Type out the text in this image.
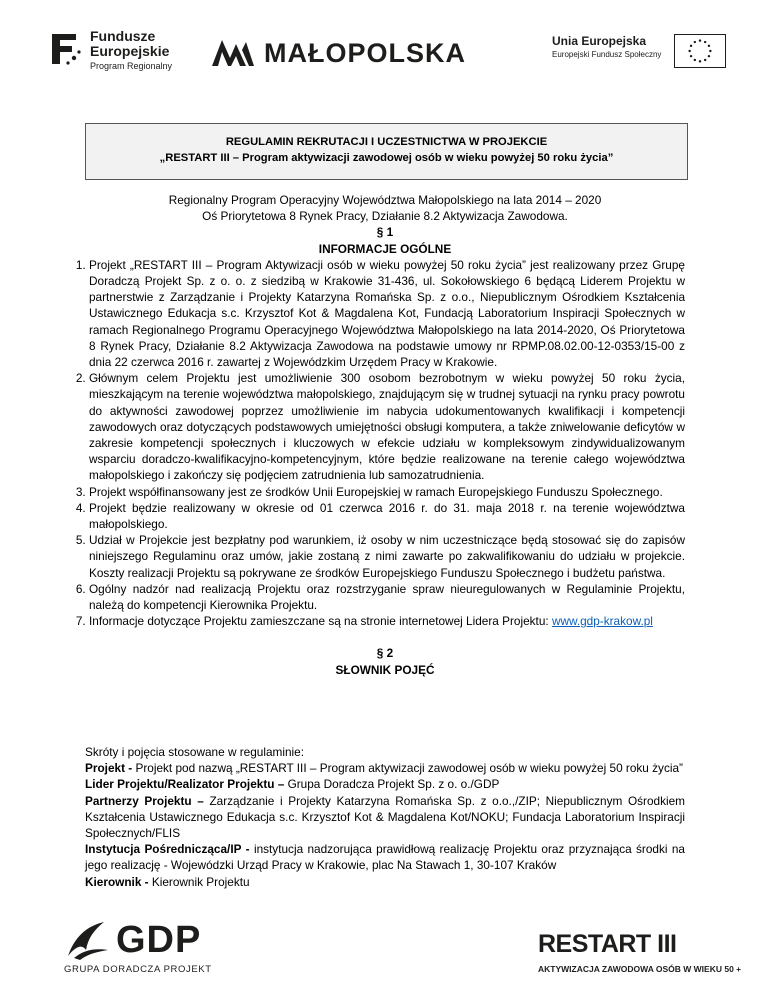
Fundusze
Europejskie
Program Regionalny	MAŁOPOLSKA	Unia Europejska
Europejski Fundusz Społeczny
REGULAMIN REKRUTACJI I UCZESTNICTWA W PROJEKCIE
„RESTART III – Program aktywizacji zawodowej osób w wieku powyżej 50 roku życia”
Regionalny Program Operacyjny Województwa Małopolskiego na lata 2014 – 2020
Oś Priorytetowa 8 Rynek Pracy, Działanie 8.2 Aktywizacja Zawodowa.
§ 1
INFORMACJE OGÓLNE
1. Projekt „RESTART III – Program Aktywizacji osób w wieku powyżej 50 roku życia” jest realizowany przez Grupę Doradczą Projekt Sp. z o. o. z siedzibą w Krakowie 31-436, ul. Sokołowskiego 6 będącą Liderem Projektu w partnerstwie z Zarządzanie i Projekty Katarzyna Romańska Sp. z o.o., Niepublicznym Ośrodkiem Kształcenia Ustawicznego Edukacja s.c. Krzysztof Kot & Magdalena Kot, Fundacją Laboratorium Inspiracji Społecznych w ramach Regionalnego Programu Operacyjnego Województwa Małopolskiego na lata 2014-2020, Oś Priorytetowa 8 Rynek Pracy, Działanie 8.2 Aktywizacja Zawodowa na podstawie umowy nr RPMP.08.02.00-12-0353/15-00 z dnia 22 czerwca 2016 r. zawartej z Wojewódzkim Urzędem Pracy w Krakowie.
2. Głównym celem Projektu jest umożliwienie 300 osobom bezrobotnym w wieku powyżej 50 roku życia, mieszkającym na terenie województwa małopolskiego, znajdującym się w trudnej sytuacji na rynku pracy powrotu do aktywności zawodowej poprzez umożliwienie im nabycia udokumentowanych kwalifikacji i kompetencji zawodowych oraz dotyczących podstawowych umiejętności obsługi komputera, a także zniwelowanie deficytów w zakresie kompetencji społecznych i kluczowych w efekcie udziału w kompleksowym zindywidualizowanym wsparciu doradczo-kwalifikacyjno-kompetencyjnym, które będzie realizowane na terenie całego województwa małopolskiego i zakończy się podjęciem zatrudnienia lub samozatrudnienia.
3. Projekt współfinansowany jest ze środków Unii Europejskiej w ramach Europejskiego Funduszu Społecznego.
4. Projekt będzie realizowany w okresie od 01 czerwca 2016 r. do 31. maja 2018 r. na terenie województwa małopolskiego.
5. Udział w Projekcie jest bezpłatny pod warunkiem, iż osoby w nim uczestniczące będą stosować się do zapisów niniejszego Regulaminu oraz umów, jakie zostaną z nimi zawarte po zakwalifikowaniu do udziału w projekcie. Koszty realizacji Projektu są pokrywane ze środków Europejskiego Funduszu Społecznego i budżetu państwa.
6. Ogólny nadzór nad realizacją Projektu oraz rozstrzyganie spraw nieuregulowanych w Regulaminie Projektu, należą do kompetencji Kierownika Projektu.
7. Informacje dotyczące Projektu zamieszczane są na stronie internetowej Lidera Projektu: www.gdp-krakow.pl
§ 2
SŁOWNIK POJĘĆ
Skróty i pojęcia stosowane w regulaminie:

Projekt - Projekt pod nazwą „RESTART III – Program aktywizacji zawodowej osób w wieku powyżej 50 roku życia”

Lider Projektu/Realizator Projektu – Grupa Doradcza Projekt Sp. z o. o./GDP

Partnerzy Projektu – Zarządzanie i Projekty Katarzyna Romańska Sp. z o.o.,/ZIP; Niepublicznym Ośrodkiem Kształcenia Ustawicznego Edukacja s.c. Krzysztof Kot & Magdalena Kot/NOKU; Fundacja Laboratorium Inspiracji Społecznych/FLIS

Instytucja Pośrednicząca/IP - instytucja nadzorująca prawidłową realizację Projektu oraz przyznająca środki na jego realizację - Wojewódzki Urząd Pracy w Krakowie, plac Na Stawach 1, 30-107 Kraków

Kierownik - Kierownik Projektu

GDP
GRUPA DORADCZA PROJEKT
RESTART III
AKTYWIZACJA ZAWODOWA OSÓB W WIEKU 50 +
